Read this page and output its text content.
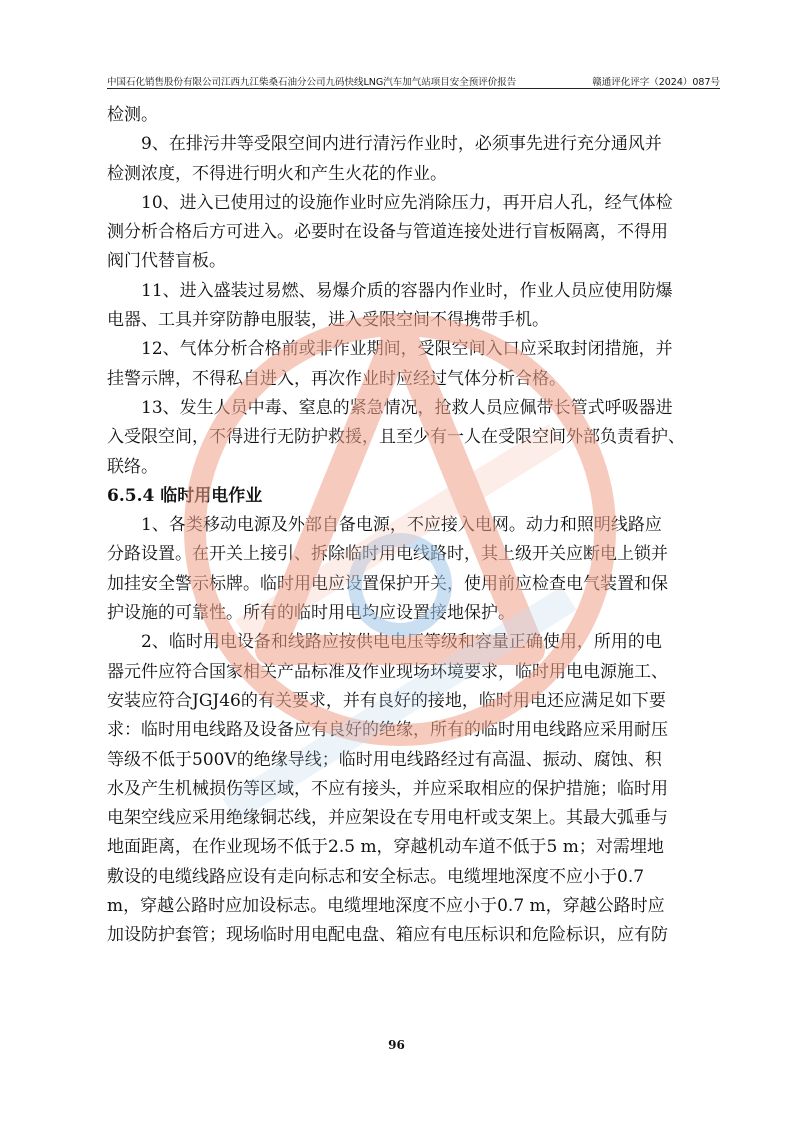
中国石化销售股份有限公司江西九江柴桑石油分公司九码快线LNG汽车加气站项目安全预评价报告	赣通评化评字（2024）087号
检测。
9、在排污井等受限空间内进行清污作业时，必须事先进行充分通风并
检测浓度，不得进行明火和产生火花的作业。
10、进入已使用过的设施作业时应先消除压力，再开启人孔，经气体检
测分析合格后方可进入。必要时在设备与管道连接处进行盲板隔离，不得用
阀门代替盲板。
11、进入盛装过易燃、易爆介质的容器内作业时，作业人员应使用防爆
电器、工具并穿防静电服装，进入受限空间不得携带手机。
12、气体分析合格前或非作业期间，受限空间入口应采取封闭措施，并
挂警示牌，不得私自进入，再次作业时应经过气体分析合格。
13、发生人员中毒、窒息的紧急情况，抢救人员应佩带长管式呼吸器进
入受限空间，不得进行无防护救援，且至少有一人在受限空间外部负责看护、
联络。
6.5.4 临时用电作业
1、各类移动电源及外部自备电源，不应接入电网。动力和照明线路应
分路设置。在开关上接引、拆除临时用电线路时，其上级开关应断电上锁并
加挂安全警示标牌。临时用电应设置保护开关，使用前应检查电气装置和保
护设施的可靠性。所有的临时用电均应设置接地保护。
2、临时用电设备和线路应按供电电压等级和容量正确使用，所用的电
器元件应符合国家相关产品标准及作业现场环境要求，临时用电电源施工、
安装应符合JGJ46的有关要求，并有良好的接地，临时用电还应满足如下要
求：临时用电线路及设备应有良好的绝缘，所有的临时用电线路应采用耐压
等级不低于500V的绝缘导线；临时用电线路经过有高温、振动、腐蚀、积
水及产生机械损伤等区域，不应有接头，并应采取相应的保护措施；临时用
电架空线应采用绝缘铜芯线，并应架设在专用电杆或支架上。其最大弧垂与
地面距离，在作业现场不低于2.5 m，穿越机动车道不低于5 m；对需埋地
敷设的电缆线路应设有走向标志和安全标志。电缆埋地深度不应小于0.7
m，穿越公路时应加设标志。电缆埋地深度不应小于0.7 m，穿越公路时应
加设防护套管；现场临时用电配电盘、箱应有电压标识和危险标识，应有防
96
